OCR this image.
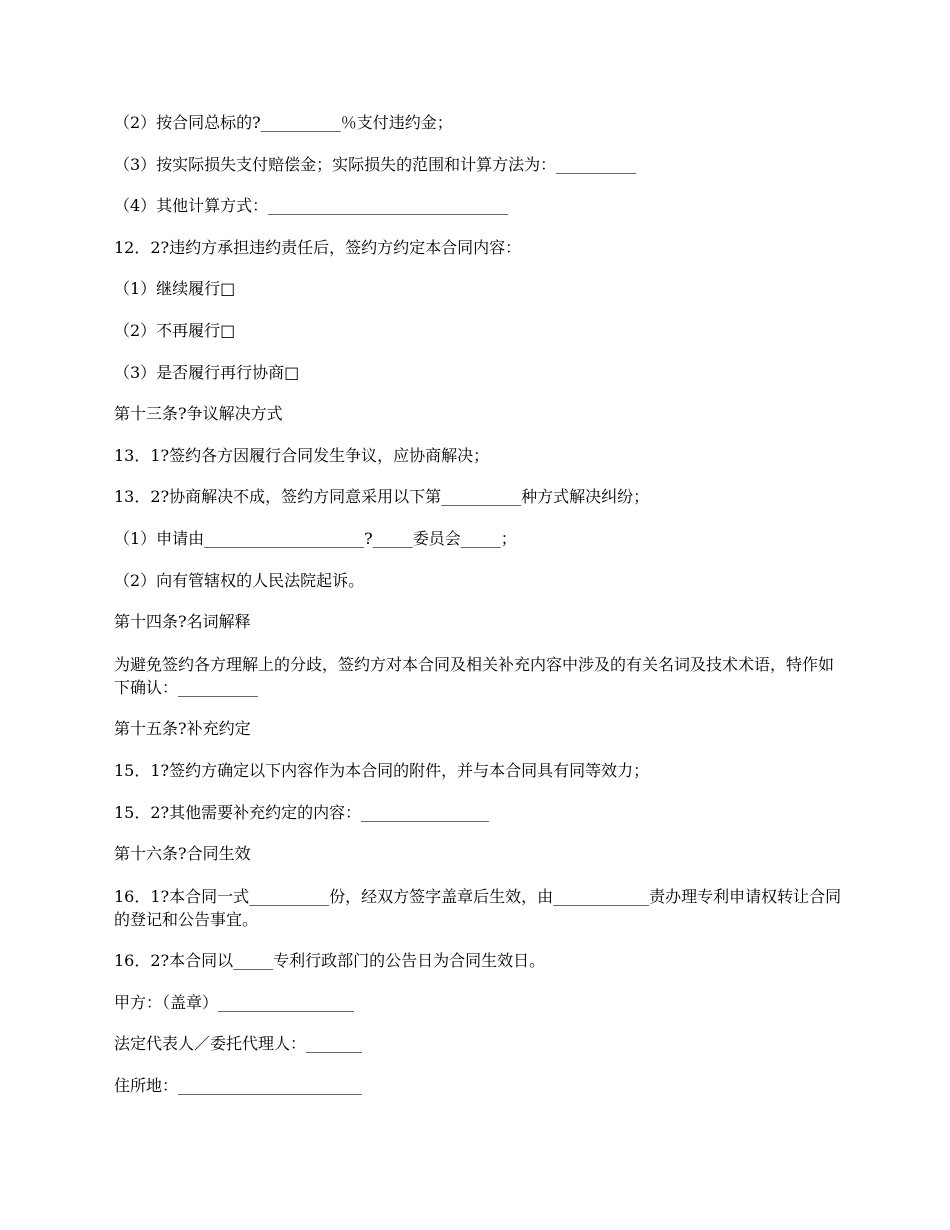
（2）按合同总标的?__________％支付违约金；

（3）按实际损失支付赔偿金；实际损失的范围和计算方法为：__________

（4）其他计算方式：______________________________

12．2?违约方承担违约责任后，签约方约定本合同内容：

（1）继续履行□

（2）不再履行□

（3）是否履行再行协商□

第十三条?争议解决方式

13．1?签约各方因履行合同发生争议，应协商解决；

13．2?协商解决不成，签约方同意采用以下第__________种方式解决纠纷；

（1）申请由____________________?_____委员会_____；

（2）向有管辖权的人民法院起诉。

第十四条?名词解释

为避免签约各方理解上的分歧，签约方对本合同及相关补充内容中涉及的有关名词及技术术语，特作如下确认：__________

第十五条?补充约定

15．1?签约方确定以下内容作为本合同的附件，并与本合同具有同等效力；

15．2?其他需要补充约定的内容：________________

第十六条?合同生效

16．1?本合同一式__________份，经双方签字盖章后生效，由____________责办理专利申请权转让合同的登记和公告事宜。

16．2?本合同以_____专利行政部门的公告日为合同生效日。

甲方：（盖章）_________________

法定代表人／委托代理人：_______

住所地：_______________________
